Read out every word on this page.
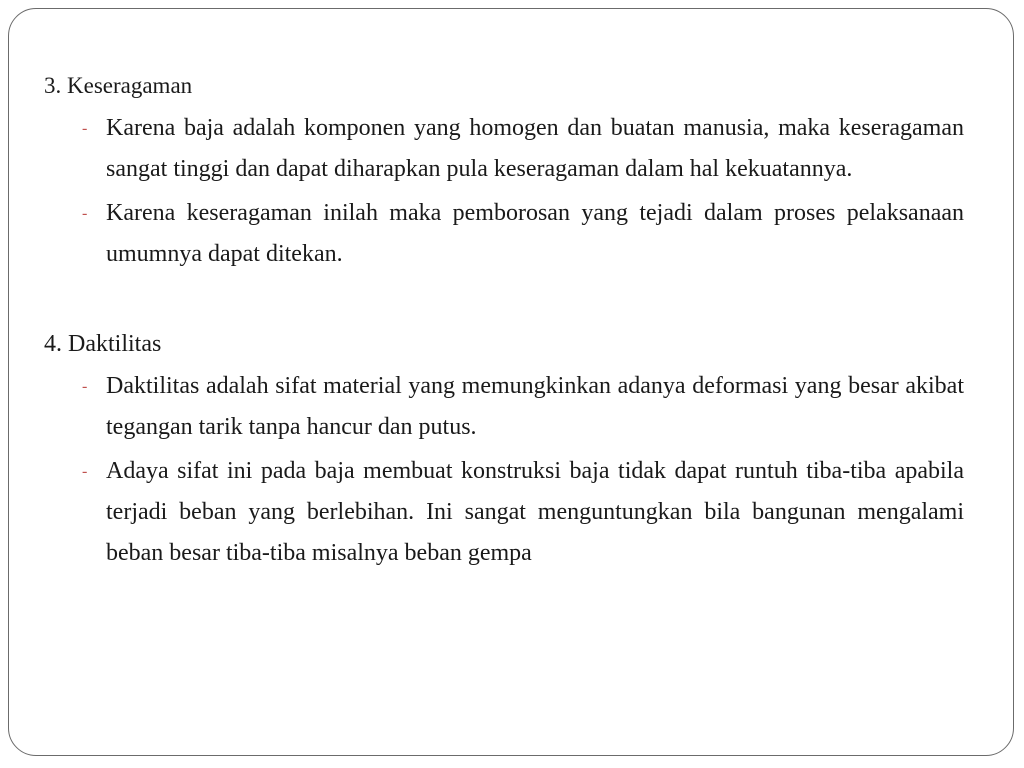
3. Keseragaman

- Karena baja adalah komponen yang homogen dan buatan manusia, maka keseragaman sangat tinggi dan dapat diharapkan pula keseragaman dalam hal kekuatannya.
- Karena keseragaman inilah maka pemborosan yang tejadi dalam proses pelaksanaan umumnya dapat ditekan.

4. Daktilitas

- Daktilitas adalah sifat material yang memungkinkan adanya deformasi yang besar akibat tegangan tarik tanpa hancur dan putus.
- Adaya sifat ini pada baja membuat konstruksi baja tidak dapat runtuh tiba-tiba apabila terjadi beban yang berlebihan. Ini sangat menguntungkan bila bangunan mengalami beban besar tiba-tiba misalnya beban gempa
